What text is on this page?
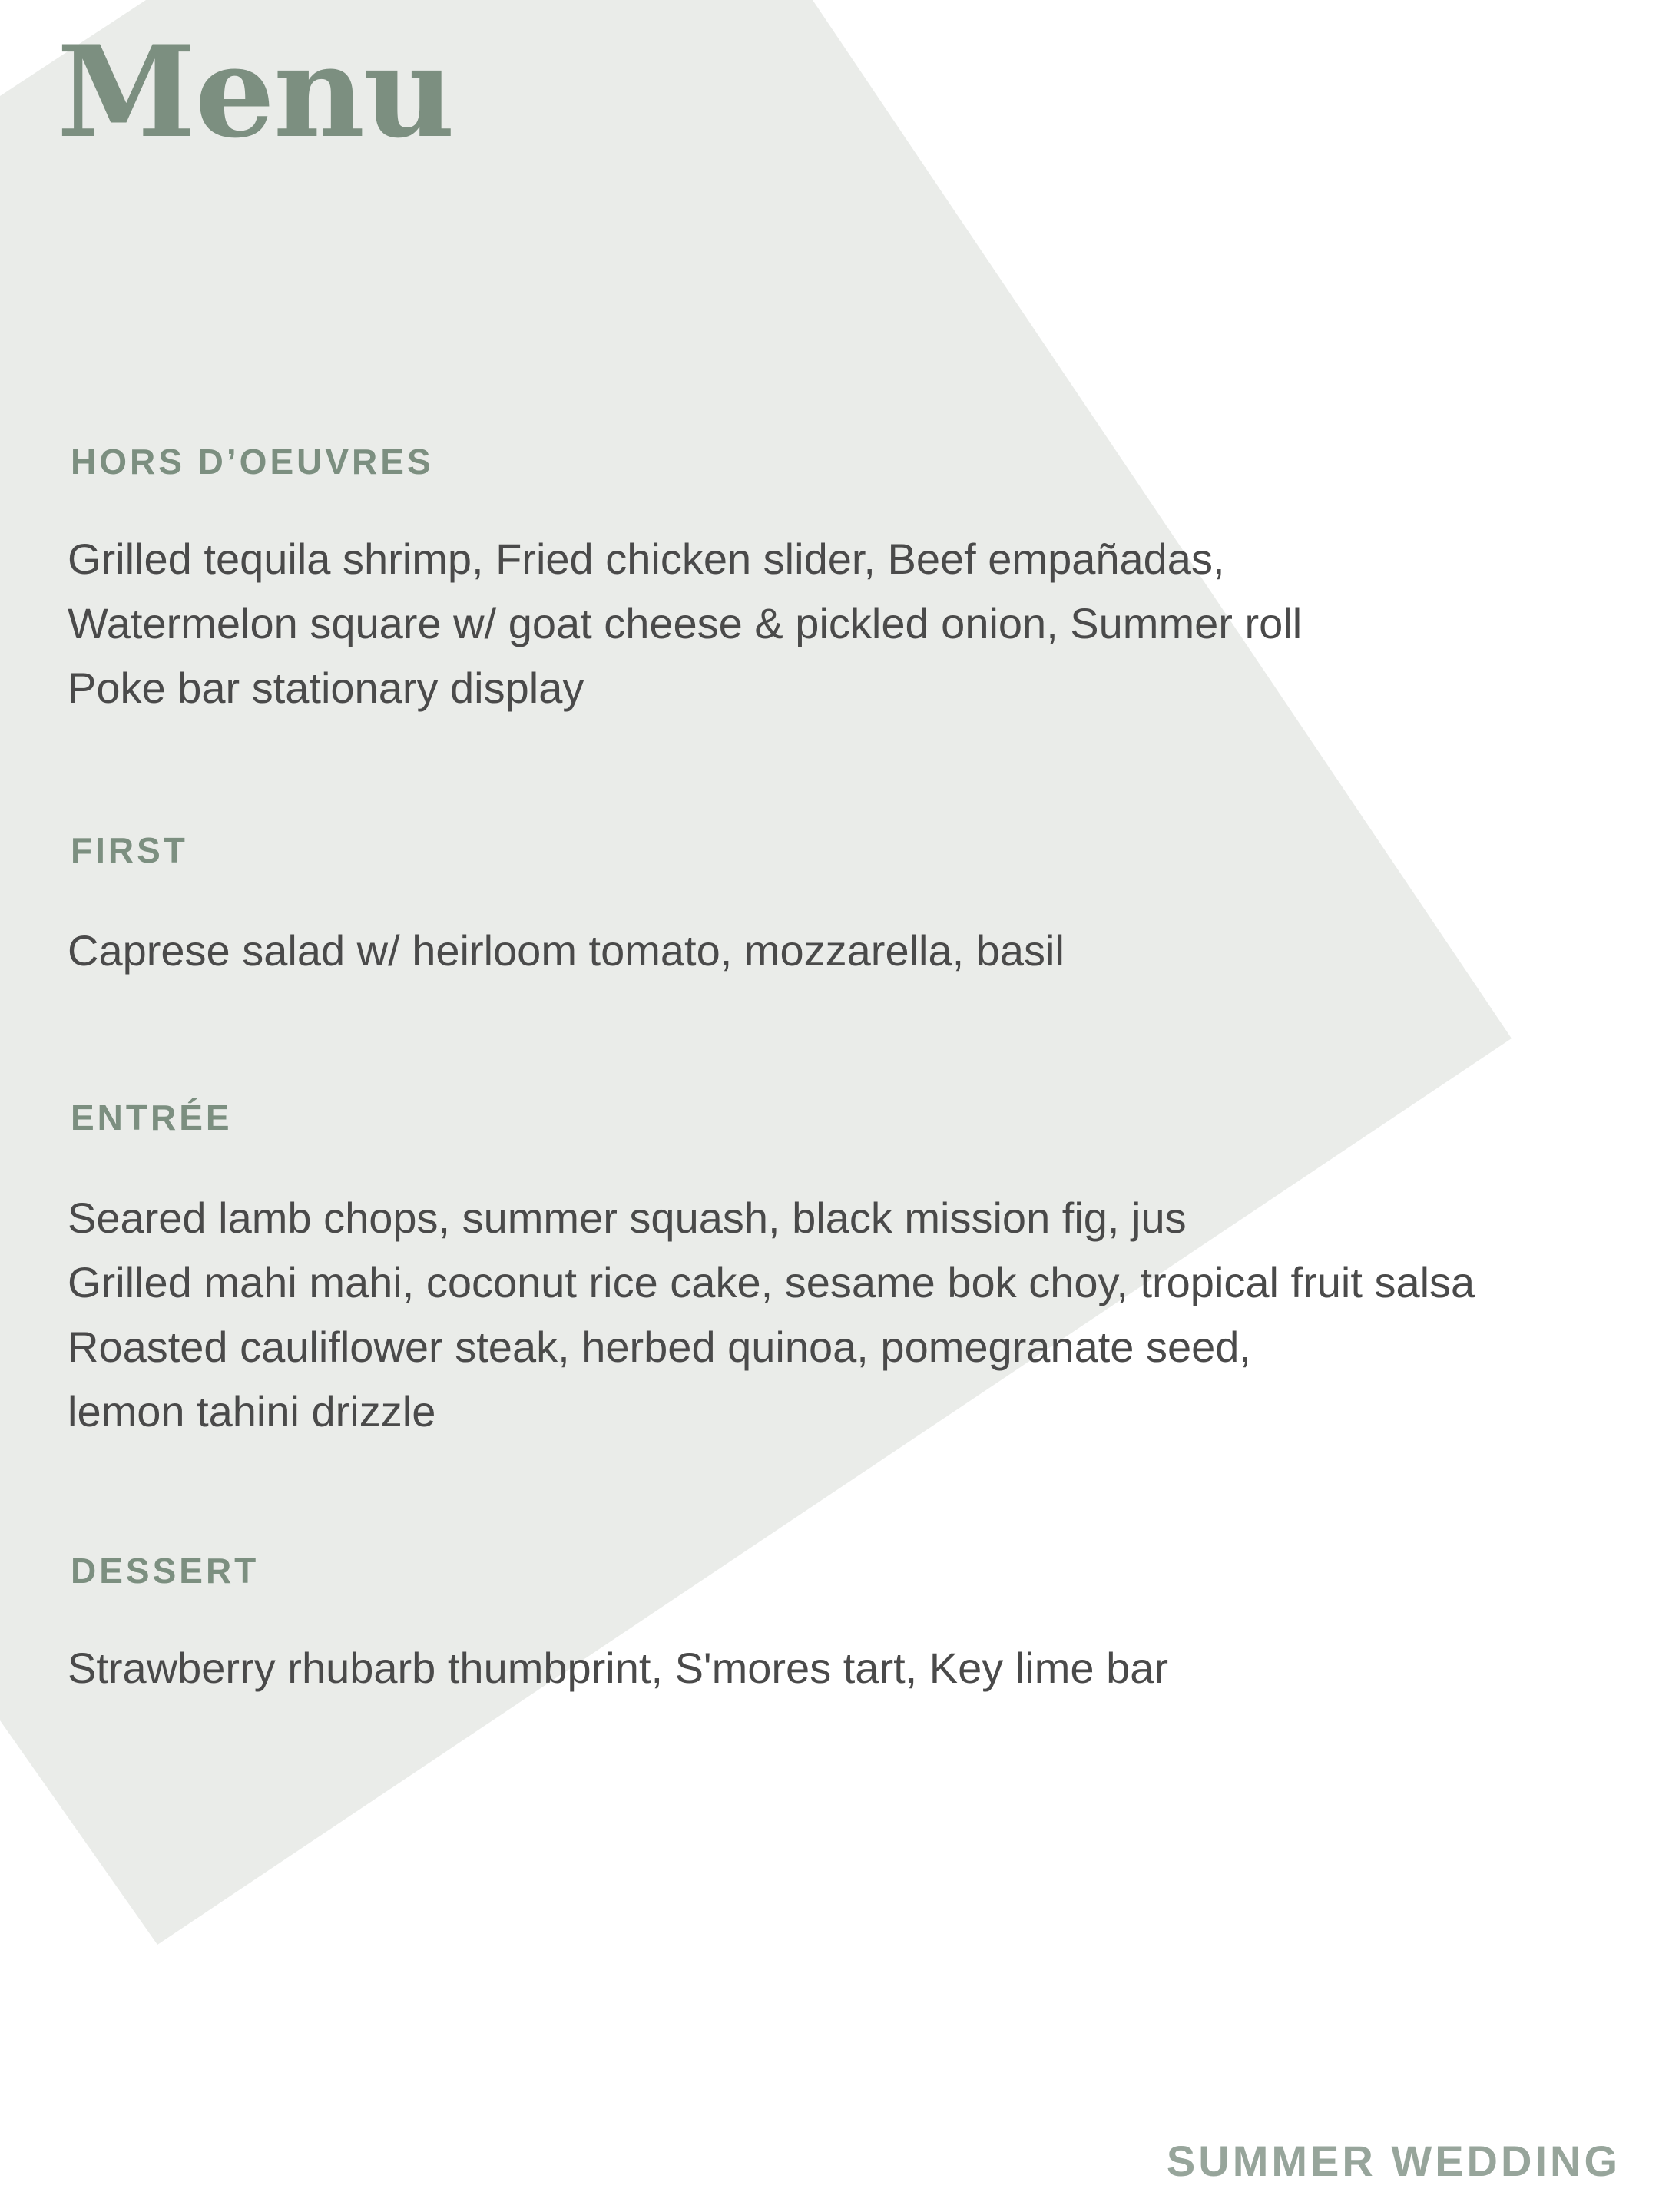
Menu
HORS D’OEUVRES
Grilled tequila shrimp, Fried chicken slider, Beef empañadas,
Watermelon square w/ goat cheese & pickled onion, Summer roll
Poke bar stationary display
FIRST
Caprese salad w/ heirloom tomato, mozzarella, basil
ENTRÉE
Seared lamb chops, summer squash, black mission fig, jus
Grilled mahi mahi, coconut rice cake, sesame bok choy, tropical fruit salsa
Roasted cauliflower steak, herbed quinoa, pomegranate seed,
lemon tahini drizzle
DESSERT
Strawberry rhubarb thumbprint, S'mores tart, Key lime bar

SUMMER WEDDING
